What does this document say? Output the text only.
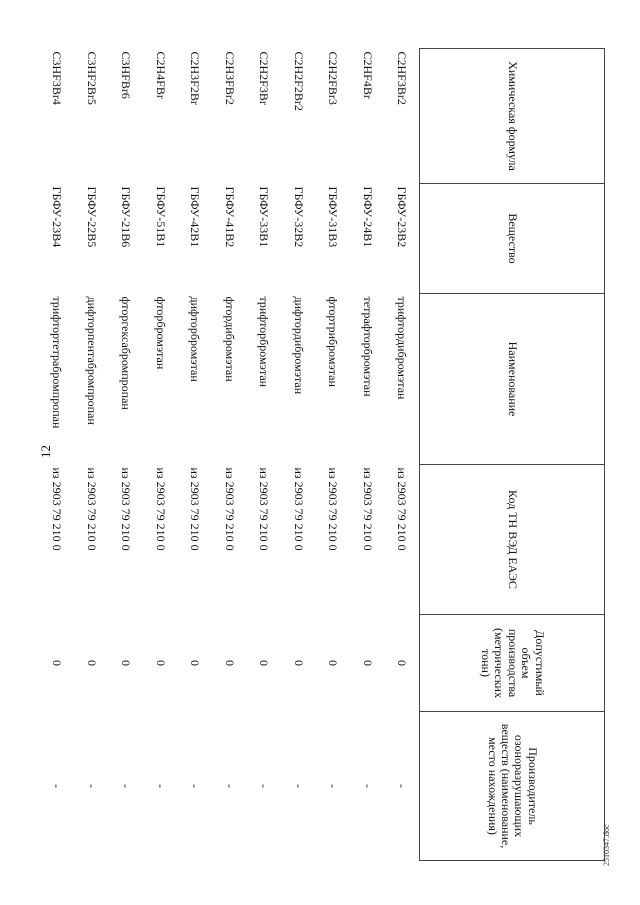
12
2510347.doc
Химическая формула	Вещество	Наименование	Код ТН ВЭД ЕАЭС	Допустимый объем производства (метрических тонн)	Производитель озоноразрушающих веществ (наименование, место нахождения)
C2HF3Br2	ГБФУ-23В2	трифтордибромэтан	из 2903 79 210 0	0	-
C2HF4Br	ГБФУ-24В1	тетрафторбромэтан	из 2903 79 210 0	0	-
C2H2FBr3	ГБФУ-31В3	фтортрибромэтан	из 2903 79 210 0	0	-
C2H2F2Br2	ГБФУ-32В2	дифтордибромэтан	из 2903 79 210 0	0	-
C2H2F3Br	ГБФУ-33В1	трифторбромэтан	из 2903 79 210 0	0	-
C2H3FBr2	ГБФУ-41В2	фтордибромэтан	из 2903 79 210 0	0	-
C2H3F2Br	ГБФУ-42В1	дифторбромэтан	из 2903 79 210 0	0	-
C2H4FBr	ГБФУ-51В1	фторбромэтан	из 2903 79 210 0	0	-
C3HFBr6	ГБФУ-21В6	фторгексабромпропан	из 2903 79 210 0	0	-
C3HF2Br5	ГБФУ-22В5	дифторпентабромпропан	из 2903 79 210 0	0	-
C3HF3Br4	ГБФУ-23В4	трифтортетрабромпропан	из 2903 79 210 0	0	-
